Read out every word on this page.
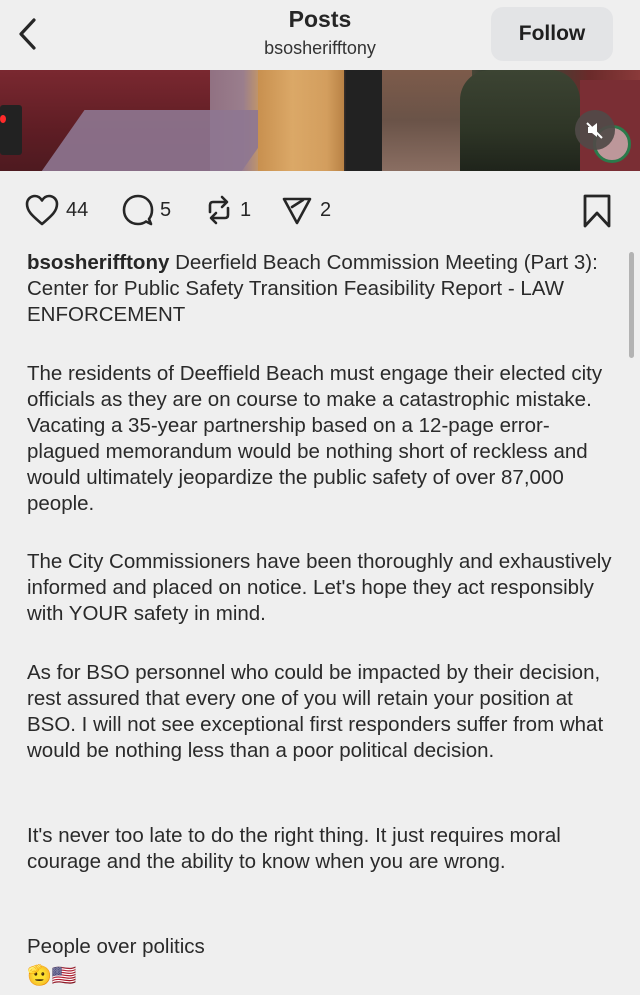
Posts
bsosherifftony
Follow
44	5	1	2
bsosherifftony Deerfield Beach Commission Meeting (Part 3): Center for Public Safety Transition Feasibility Report - LAW ENFORCEMENT
The residents of Deeffield Beach must engage their elected city officials as they are on course to make a catastrophic mistake. Vacating a 35-year partnership based on a 12-page error-plagued memorandum would be nothing short of reckless and would ultimately jeopardize the public safety of over 87,000 people.
The City Commissioners have been thoroughly and exhaustively informed and placed on notice. Let's hope they act responsibly with YOUR safety in mind.
As for BSO personnel who could be impacted by their decision, rest assured that every one of you will retain your position at BSO. I will not see exceptional first responders suffer from what would be nothing less than a poor political decision.
It's never too late to do the right thing. It just requires moral courage and the ability to know when you are wrong.
People over politics
🫡🇺🇸
